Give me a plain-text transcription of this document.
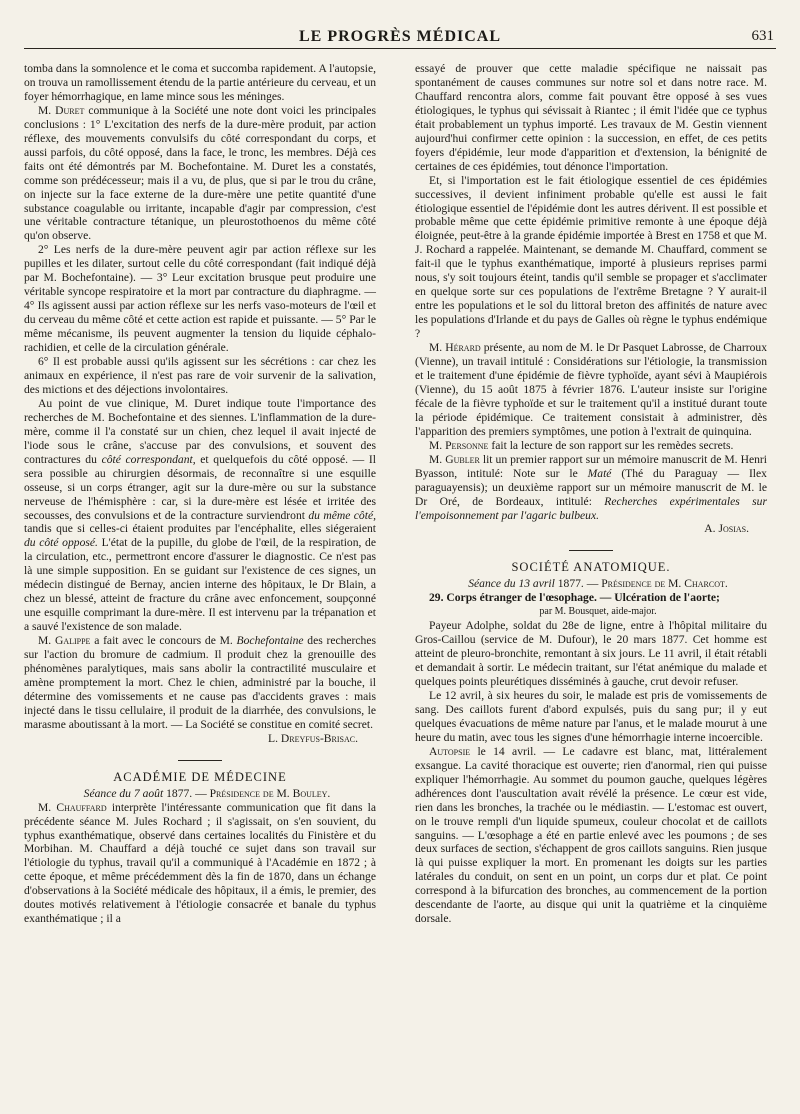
LE PROGRÈS MÉDICAL	631

tomba dans la somnolence et le coma et succomba rapidement. A l'autopsie, on trouva un ramollissement étendu de la partie antérieure du cerveau, et un foyer hémorrhagique, en lame mince sous les méninges.

M. Duret communique à la Société une note dont voici les principales conclusions : 1° L'excitation des nerfs de la dure-mère produit, par action réflexe, des mouvements convulsifs du côté correspondant du corps, et aussi parfois, du côté opposé, dans la face, le tronc, les membres. Déjà ces faits ont été démontrés par M. Bochefontaine. M. Duret les a constatés, comme son prédécesseur; mais il a vu, de plus, que si par le trou du crâne, on injecte sur la face externe de la dure-mère une petite quantité d'une substance coagulable ou irritante, incapable d'agir par compression, c'est une véritable contracture tétanique, un pleurostothoenos du même côté qu'on observe.

2° Les nerfs de la dure-mère peuvent agir par action réflexe sur les pupilles et les dilater, surtout celle du côté correspondant (fait indiqué déjà par M. Bochefontaine). — 3° Leur excitation brusque peut produire une véritable syncope respiratoire et la mort par contracture du diaphragme. — 4° Ils agissent aussi par action réflexe sur les nerfs vaso-moteurs de l'œil et du cerveau du même côté et cette action est rapide et puissante. — 5° Par le même mécanisme, ils peuvent augmenter la tension du liquide céphalo-rachidien, et celle de la circulation générale.

6° Il est probable aussi qu'ils agissent sur les sécrétions : car chez les animaux en expérience, il n'est pas rare de voir survenir de la salivation, des mictions et des déjections involontaires.

Au point de vue clinique, M. Duret indique toute l'importance des recherches de M. Bochefontaine et des siennes. L'inflammation de la dure-mère, comme il l'a constaté sur un chien, chez lequel il avait injecté de l'iode sous le crâne, s'accuse par des convulsions, et souvent des contractures du côté correspondant, et quelquefois du côté opposé. — Il sera possible au chirurgien désormais, de reconnaître si une esquille osseuse, si un corps étranger, agit sur la dure-mère ou sur la substance nerveuse de l'hémisphère : car, si la dure-mère est lésée et irritée des secousses, des convulsions et de la contracture surviendront du même côté, tandis que si celles-ci étaient produites par l'encéphalite, elles siégeraient du côté opposé. L'état de la pupille, du globe de l'œil, de la respiration, de la circulation, etc., permettront encore d'assurer le diagnostic. Ce n'est pas là une simple supposition. En se guidant sur l'existence de ces signes, un médecin distingué de Bernay, ancien interne des hôpitaux, le Dr Blain, a chez un blessé, atteint de fracture du crâne avec enfoncement, soupçonné une esquille comprimant la dure-mère. Il est intervenu par la trépanation et a sauvé l'existence de son malade.

M. Galippe a fait avec le concours de M. Bochefontaine des recherches sur l'action du bromure de cadmium. Il produit chez la grenouille des phénomènes paralytiques, mais sans abolir la contractilité musculaire et amène promptement la mort. Chez le chien, administré par la bouche, il détermine des vomissements et ne cause pas d'accidents graves : mais injecté dans le tissu cellulaire, il produit de la diarrhée, des convulsions, le marasme aboutissant à la mort. — La Société se constitue en comité secret.

L. Dreyfus-Brisac.

ACADÉMIE DE MÉDECINE

Séance du 7 août 1877. — Présidence de M. Bouley.

M. Chauffard interprète l'intéressante communication que fit dans la précédente séance M. Jules Rochard ; il s'agissait, on s'en souvient, du typhus exanthématique, observé dans certaines localités du Finistère et du Morbihan. M. Chauffard a déjà touché ce sujet dans son travail sur l'étiologie du typhus, travail qu'il a communiqué à l'Académie en 1872 ; à cette époque, et même précédemment dès la fin de 1870, dans un échange d'observations à la Société médicale des hôpitaux, il a émis, le premier, des doutes motivés relativement à l'étiologie consacrée et banale du typhus exanthématique ; il a

essayé de prouver que cette maladie spécifique ne naissait pas spontanément de causes communes sur notre sol et dans notre race. M. Chauffard rencontra alors, comme fait pouvant être opposé à ses vues étiologiques, le typhus qui sévissait à Riantec ; il émit l'idée que ce typhus était probablement un typhus importé. Les travaux de M. Gestin viennent aujourd'hui confirmer cette opinion : la succession, en effet, de ces petits foyers d'épidémie, leur mode d'apparition et d'extension, la bénignité de certaines de ces épidémies, tout dénonce l'importation.

Et, si l'importation est le fait étiologique essentiel de ces épidémies successives, il devient infiniment probable qu'elle est aussi le fait étiologique essentiel de l'épidémie dont les autres dérivent. Il est possible et probable même que cette épidémie primitive remonte à une époque déjà éloignée, peut-être à la grande épidémie importée à Brest en 1758 et que M. J. Rochard a rappelée. Maintenant, se demande M. Chauffard, comment se fait-il que le typhus exanthématique, importé à plusieurs reprises parmi nous, s'y soit toujours éteint, tandis qu'il semble se propager et s'acclimater en quelque sorte sur ces populations de l'extrême Bretagne ? Y aurait-il entre les populations et le sol du littoral breton des affinités de nature avec les populations d'Irlande et du pays de Galles où règne le typhus endémique ?

M. Hérard présente, au nom de M. le Dr Pasquet Labrosse, de Charroux (Vienne), un travail intitulé : Considérations sur l'étiologie, la transmission et le traitement d'une épidémie de fièvre typhoïde, ayant sévi à Maupiérois (Vienne), du 15 août 1875 à février 1876. L'auteur insiste sur l'origine fécale de la fièvre typhoïde et sur le traitement qu'il a institué durant toute la période épidémique. Ce traitement consistait à administrer, dès l'apparition des premiers symptômes, une potion à l'extrait de quinquina.

M. Personne fait la lecture de son rapport sur les remèdes secrets.

M. Gubler lit un premier rapport sur un mémoire manuscrit de M. Henri Byasson, intitulé: Note sur le Maté (Thé du Paraguay — Ilex paraguayensis); un deuxième rapport sur un mémoire manuscrit de M. le Dr Oré, de Bordeaux, intitulé: Recherches expérimentales sur l'empoisonnement par l'agaric bulbeux.

A. Josias.

SOCIÉTÉ ANATOMIQUE.

Séance du 13 avril 1877. — Présidence de M. Charcot.

29. Corps étranger de l'œsophage. — Ulcération de l'aorte;

par M. Bousquet, aide-major.

Payeur Adolphe, soldat du 28e de ligne, entre à l'hôpital militaire du Gros-Caillou (service de M. Dufour), le 20 mars 1877. Cet homme est atteint de pleuro-bronchite, remontant à six jours. Le 11 avril, il était rétabli et demandait à sortir. Le médecin traitant, sur l'état anémique du malade et quelques points pleurétiques disséminés à gauche, crut devoir refuser.

Le 12 avril, à six heures du soir, le malade est pris de vomissements de sang. Des caillots furent d'abord expulsés, puis du sang pur; il y eut quelques évacuations de même nature par l'anus, et le malade mourut à une heure du matin, avec tous les signes d'une hémorrhagie interne incoercible.

Autopsie le 14 avril. — Le cadavre est blanc, mat, littéralement exsangue. La cavité thoracique est ouverte; rien d'anormal, rien qui puisse expliquer l'hémorrhagie. Au sommet du poumon gauche, quelques légères adhérences dont l'auscultation avait révélé la présence. Le cœur est vide, rien dans les bronches, la trachée ou le médiastin. — L'estomac est ouvert, on le trouve rempli d'un liquide spumeux, couleur chocolat et de caillots sanguins. — L'œsophage a été en partie enlevé avec les poumons ; de ses deux surfaces de section, s'échappent de gros caillots sanguins. Rien jusque là qui puisse expliquer la mort. En promenant les doigts sur les parties latérales du conduit, on sent en un point, un corps dur et plat. Ce point correspond à la bifurcation des bronches, au commencement de la portion descendante de l'aorte, au disque qui unit la quatrième et la cinquième dorsale.
